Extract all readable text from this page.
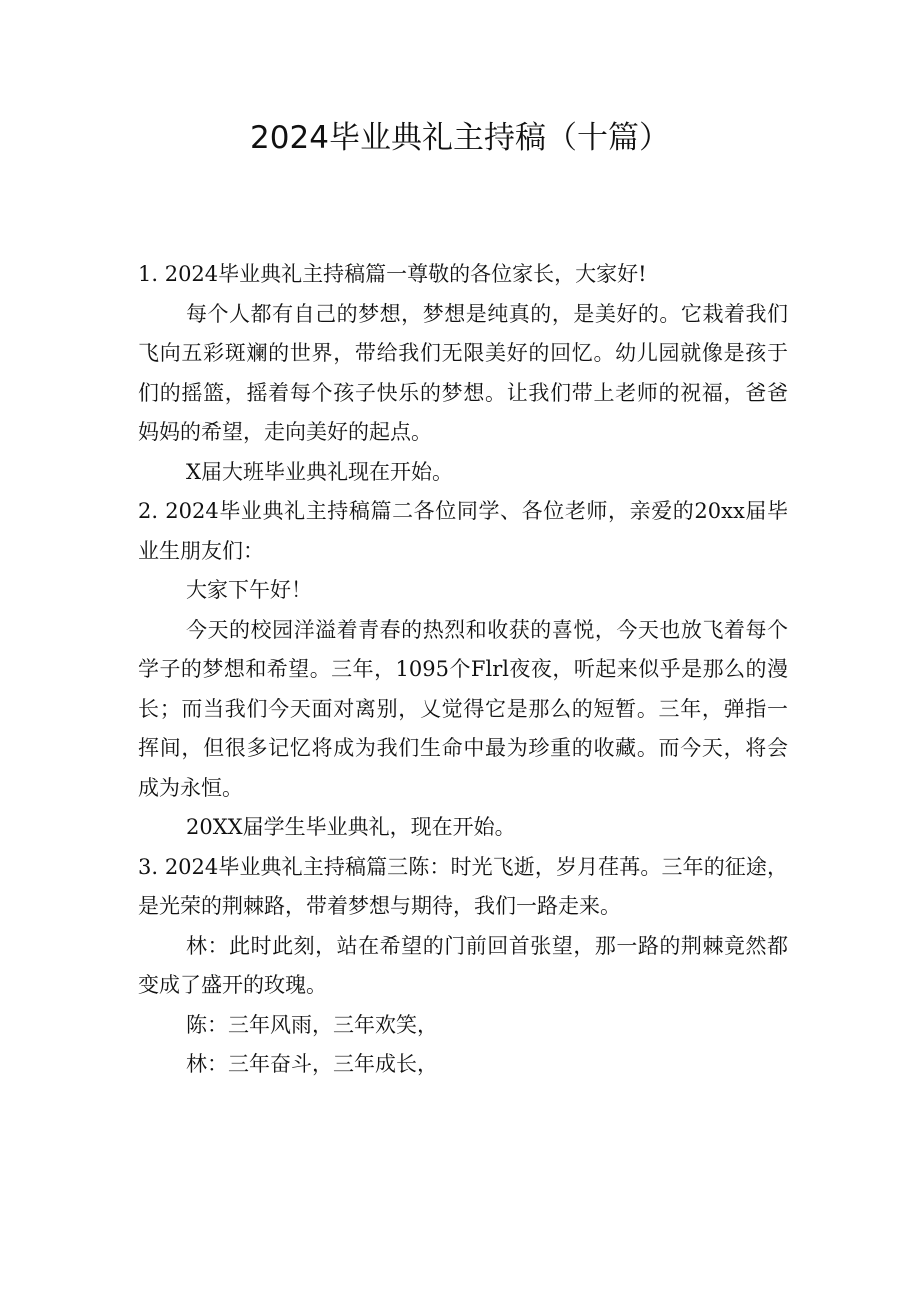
2024毕业典礼主持稿（十篇）

1. 2024毕业典礼主持稿篇一尊敬的各位家长，大家好!

每个人都有自己的梦想，梦想是纯真的，是美好的。它栽着我们飞向五彩斑斓的世界，带给我们无限美好的回忆。幼儿园就像是孩于们的摇篮，摇着每个孩子快乐的梦想。让我们带上老师的祝福，爸爸妈妈的希望，走向美好的起点。

X届大班毕业典礼现在开始。

2. 2024毕业典礼主持稿篇二各位同学、各位老师，亲爱的20xx届毕业生朋友们：

大家下午好！

今天的校园洋溢着青春的热烈和收获的喜悦，今天也放飞着每个学子的梦想和希望。三年，1095个Flrl夜夜，听起来似乎是那么的漫长；而当我们今天面对离别，乂觉得它是那么的短暂。三年，弹指一挥间，但很多记忆将成为我们生命中最为珍重的收藏。而今天，将会成为永恒。

20XX届学生毕业典礼，现在开始。

3. 2024毕业典礼主持稿篇三陈：时光飞逝，岁月荏苒。三年的征途，是光荣的荆棘路，带着梦想与期待，我们一路走来。

林：此时此刻，站在希望的门前回首张望，那一路的荆棘竟然都变成了盛开的玫瑰。

陈：三年风雨，三年欢笑，

林：三年奋斗，三年成长，
